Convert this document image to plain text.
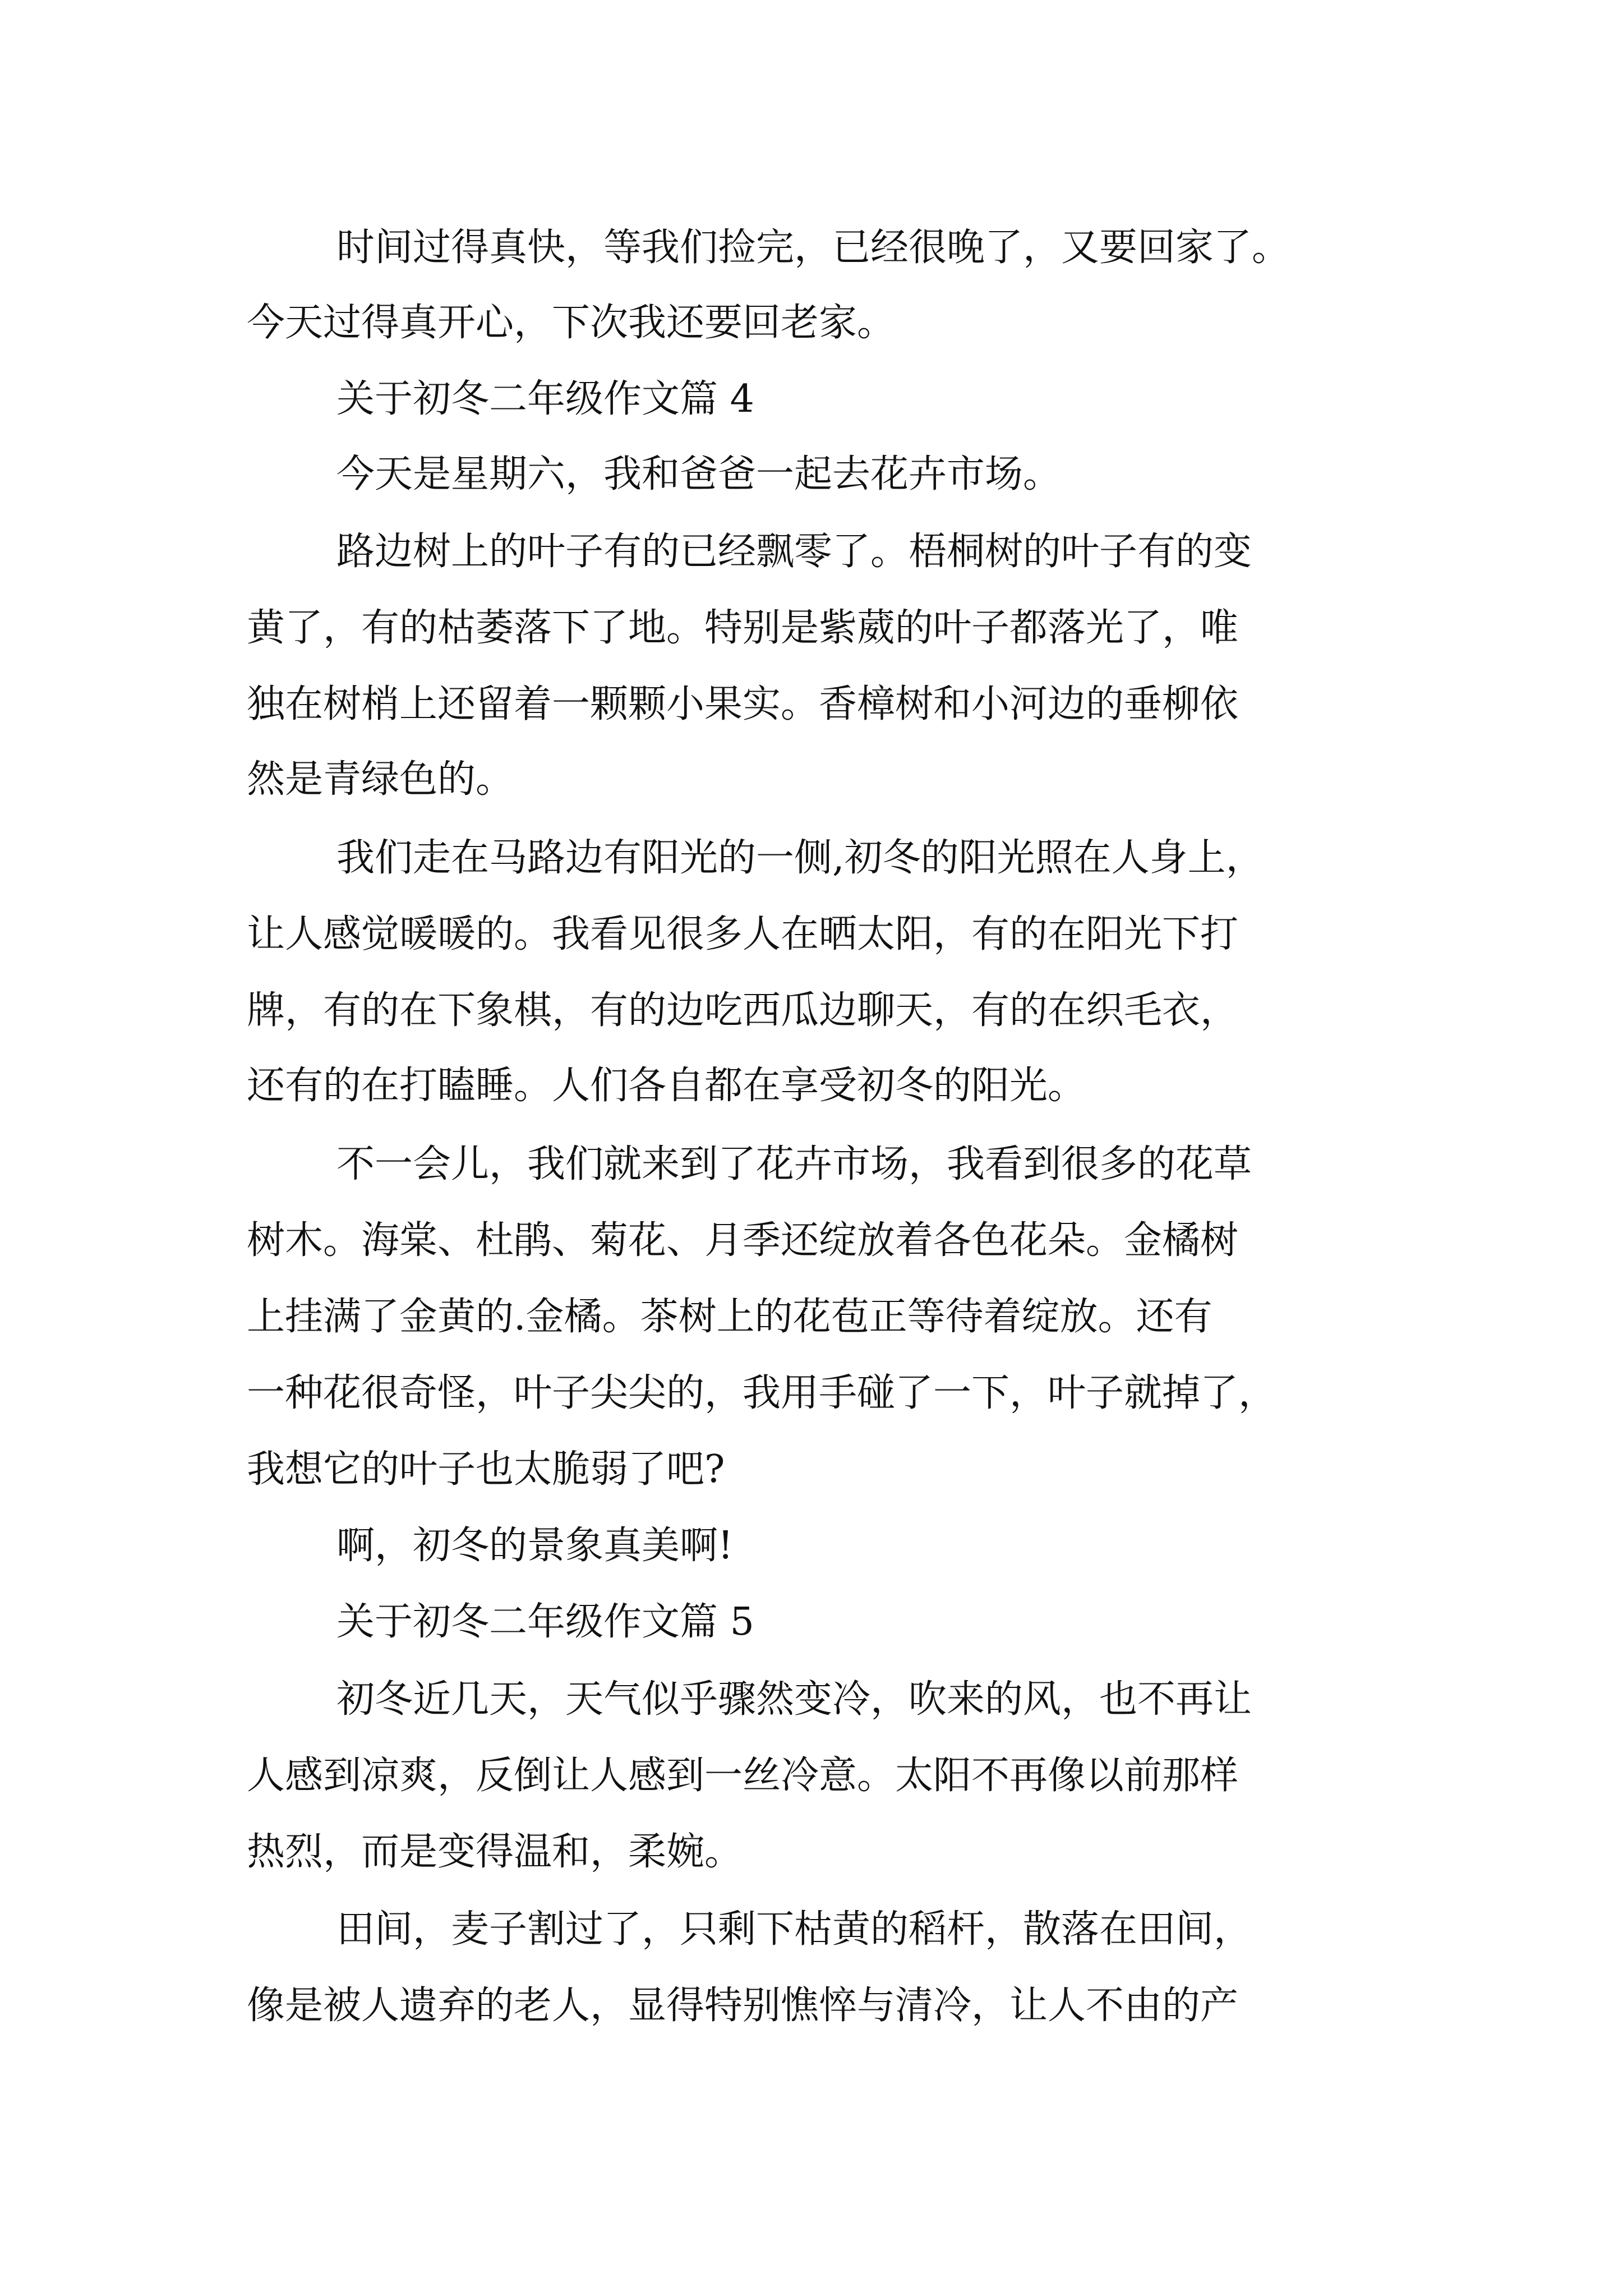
时间过得真快，等我们捡完，已经很晚了，又要回家了。
今天过得真开心，下次我还要回老家。
关于初冬二年级作文篇 4
今天是星期六，我和爸爸一起去花卉市场。
路边树上的叶子有的已经飘零了。梧桐树的叶子有的变
黄了，有的枯萎落下了地。特别是紫葳的叶子都落光了，唯
独在树梢上还留着一颗颗小果实。香樟树和小河边的垂柳依
然是青绿色的。
我们走在马路边有阳光的一侧,初冬的阳光照在人身上，
让人感觉暖暖的。我看见很多人在晒太阳，有的在阳光下打
牌，有的在下象棋，有的边吃西瓜边聊天，有的在织毛衣，
还有的在打瞌睡。人们各自都在享受初冬的阳光。
不一会儿，我们就来到了花卉市场，我看到很多的花草
树木。海棠、杜鹃、菊花、月季还绽放着各色花朵。金橘树
上挂满了金黄的.金橘。茶树上的花苞正等待着绽放。还有
一种花很奇怪，叶子尖尖的，我用手碰了一下，叶子就掉了，
我想它的叶子也太脆弱了吧?
啊，初冬的景象真美啊!
关于初冬二年级作文篇 5
初冬近几天，天气似乎骤然变冷，吹来的风，也不再让
人感到凉爽，反倒让人感到一丝冷意。太阳不再像以前那样
热烈，而是变得温和，柔婉。
田间，麦子割过了，只剩下枯黄的稻杆，散落在田间，
像是被人遗弃的老人，显得特别憔悴与清冷，让人不由的产
